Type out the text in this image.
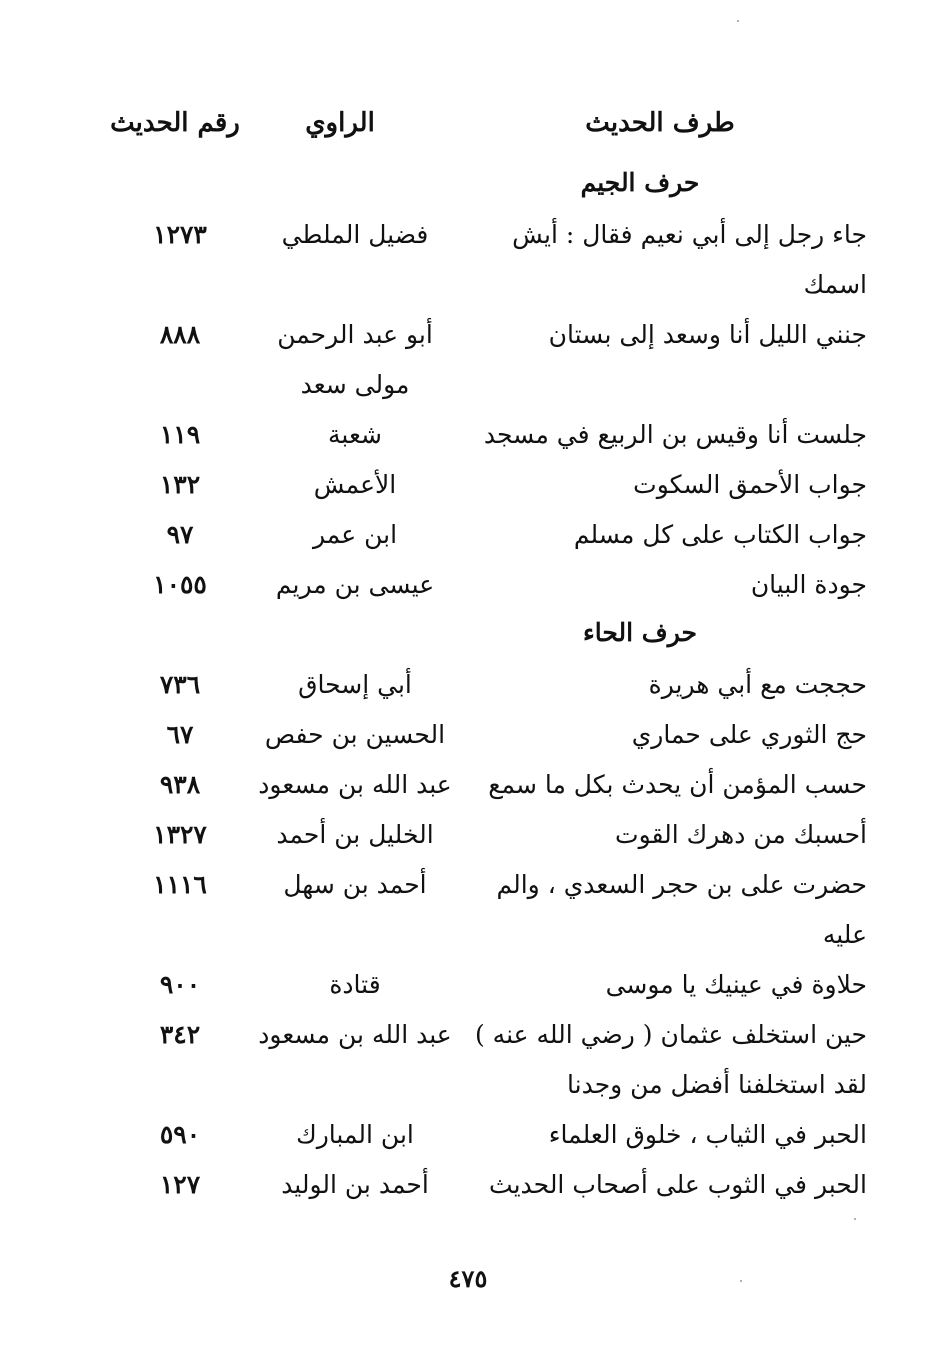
طرف الحديث
الراوي
رقم الحديث
حرف الجيم
جاء رجل إلى أبي نعيم فقال : أيش
فضيل الملطي
١٢٧٣
اسمك
جنني الليل أنا وسعد إلى بستان
أبو عبد الرحمن
٨٨٨
مولى سعد
جلست أنا وقيس بن الربيع في مسجد
شعبة
١١٩
جواب الأحمق السكوت
الأعمش
١٣٢
جواب الكتاب على كل مسلم
ابن عمر
٩٧
جودة البيان
عيسى بن مريم
١٠٥٥
حرف الحاء
حججت مع أبي هريرة
أبي إسحاق
٧٣٦
حج الثوري على حماري
الحسين بن حفص
٦٧
حسب المؤمن أن يحدث بكل ما سمع
عبد الله بن مسعود
٩٣٨
أحسبك من دهرك القوت
الخليل بن أحمد
١٣٢٧
حضرت على بن حجر السعدي ، والم
أحمد بن سهل
١١١٦
عليه
حلاوة في عينيك يا موسى
قتادة
٩٠٠
حين استخلف عثمان ( رضي الله عنه )
عبد الله بن مسعود
٣٤٢
لقد استخلفنا أفضل من وجدنا
الحبر في الثياب ، خلوق العلماء
ابن المبارك
٥٩٠
الحبر في الثوب على أصحاب الحديث
أحمد بن الوليد
١٢٧
٤٧٥
